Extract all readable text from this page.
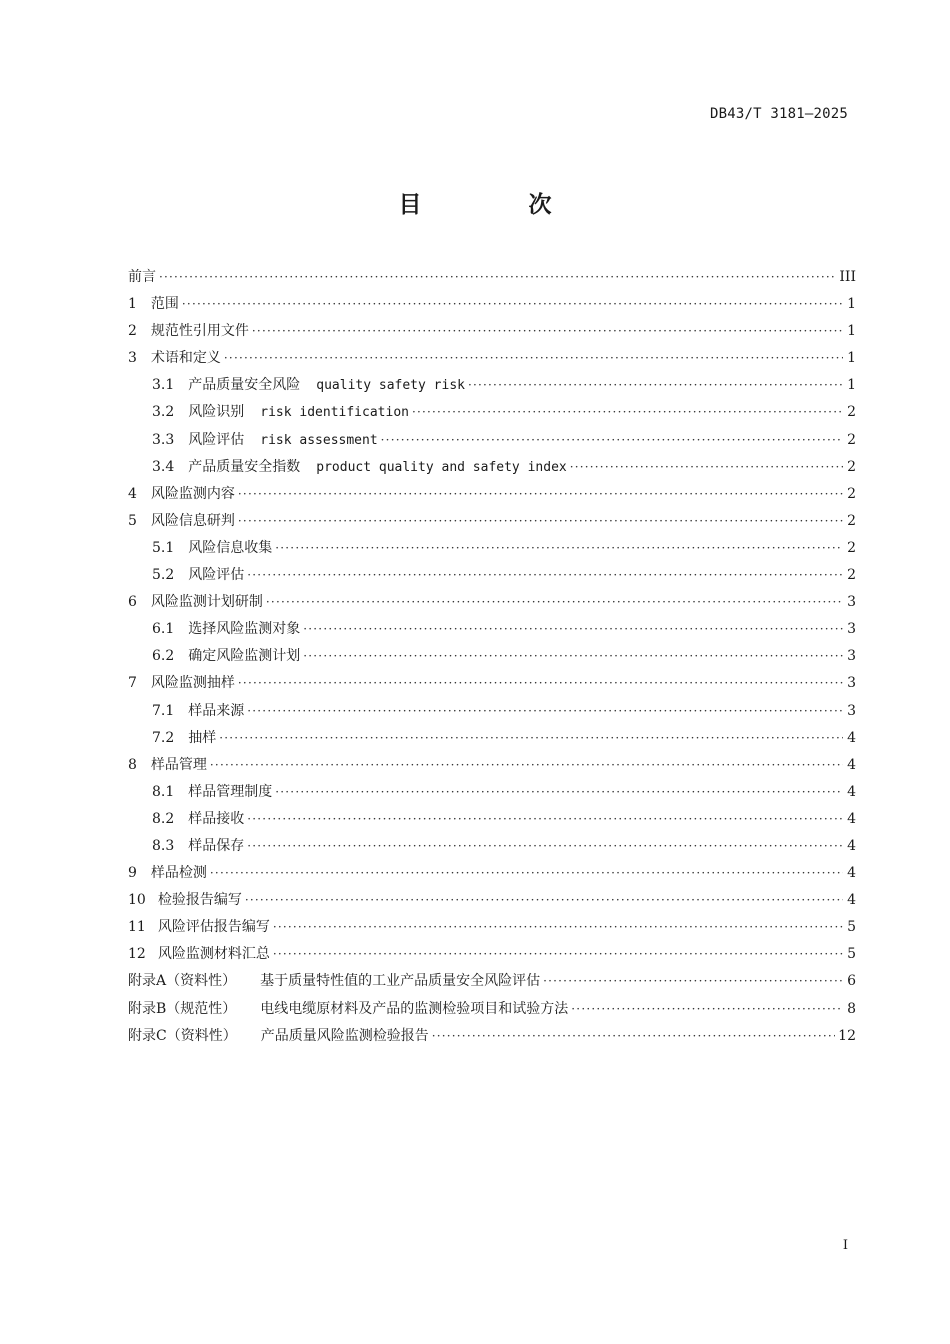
DB43/T 3181—2025
目　次
前言 ·····	III
1 范围 ·····	1
2 规范性引用文件 ·····	1
3 术语和定义 ·····	1
3.1 产品质量安全风险 quality safety risk ·····	1
3.2 风险识别 risk identification ·····	2
3.3 风险评估 risk assessment ·····	2
3.4 产品质量安全指数 product quality and safety index ·····	2
4 风险监测内容 ·····	2
5 风险信息研判 ·····	2
5.1 风险信息收集 ·····	2
5.2 风险评估 ·····	2
6 风险监测计划研制 ·····	3
6.1 选择风险监测对象 ·····	3
6.2 确定风险监测计划 ·····	3
7 风险监测抽样 ·····	3
7.1 样品来源 ·····	3
7.2 抽样 ·····	4
8 样品管理 ·····	4
8.1 样品管理制度 ·····	4
8.2 样品接收 ·····	4
8.3 样品保存 ·····	4
9 样品检测 ·····	4
10 检验报告编写 ·····	4
11 风险评估报告编写 ·····	5
12 风险监测材料汇总 ·····	5
附录A（资料性） 基于质量特性值的工业产品质量安全风险评估 ·····	6
附录B（规范性） 电线电缆原材料及产品的监测检验项目和试验方法 ·····	8
附录C（资料性） 产品质量风险监测检验报告 ·····	12
I
